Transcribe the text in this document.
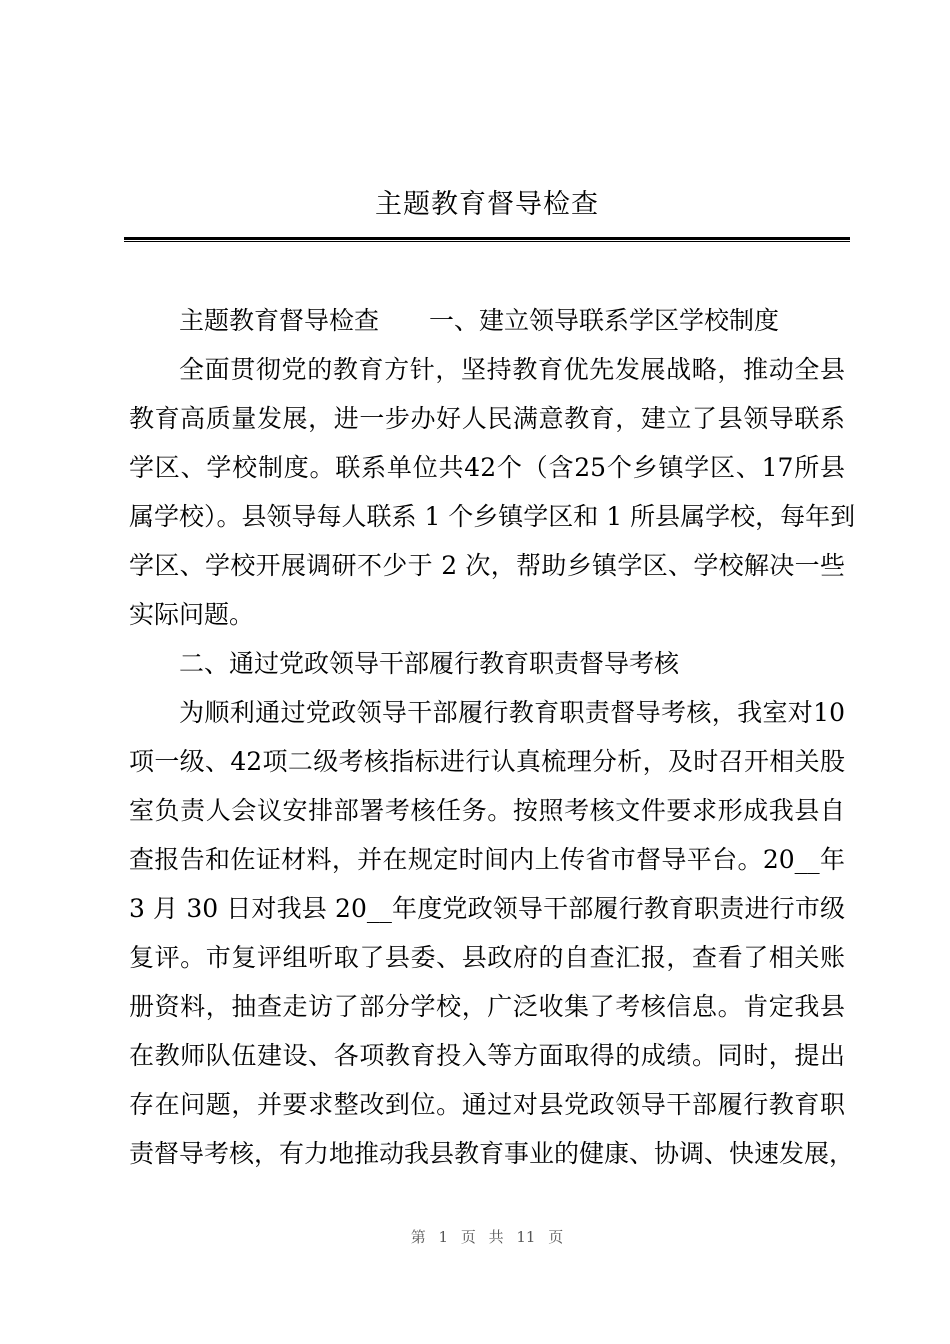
主题教育督导检查
主题教育督导检查　　一、建立领导联系学区学校制度
全面贯彻党的教育方针，坚持教育优先发展战略，推动全县
教育高质量发展，进一步办好人民满意教育，建立了县领导联系
学区、学校制度。联系单位共42个（含25个乡镇学区、17所县
属学校）。县领导每人联系 1 个乡镇学区和 1 所县属学校，每年到
学区、学校开展调研不少于 2 次，帮助乡镇学区、学校解决一些
实际问题。
二、通过党政领导干部履行教育职责督导考核
为顺利通过党政领导干部履行教育职责督导考核，我室对10
项一级、42项二级考核指标进行认真梳理分析，及时召开相关股
室负责人会议安排部署考核任务。按照考核文件要求形成我县自
查报告和佐证材料，并在规定时间内上传省市督导平台。20__年
3 月 30 日对我县 20__年度党政领导干部履行教育职责进行市级
复评。市复评组听取了县委、县政府的自查汇报，查看了相关账
册资料，抽查走访了部分学校，广泛收集了考核信息。肯定我县
在教师队伍建设、各项教育投入等方面取得的成绩。同时，提出
存在问题，并要求整改到位。通过对县党政领导干部履行教育职
责督导考核，有力地推动我县教育事业的健康、协调、快速发展，
第 1 页 共 11 页
